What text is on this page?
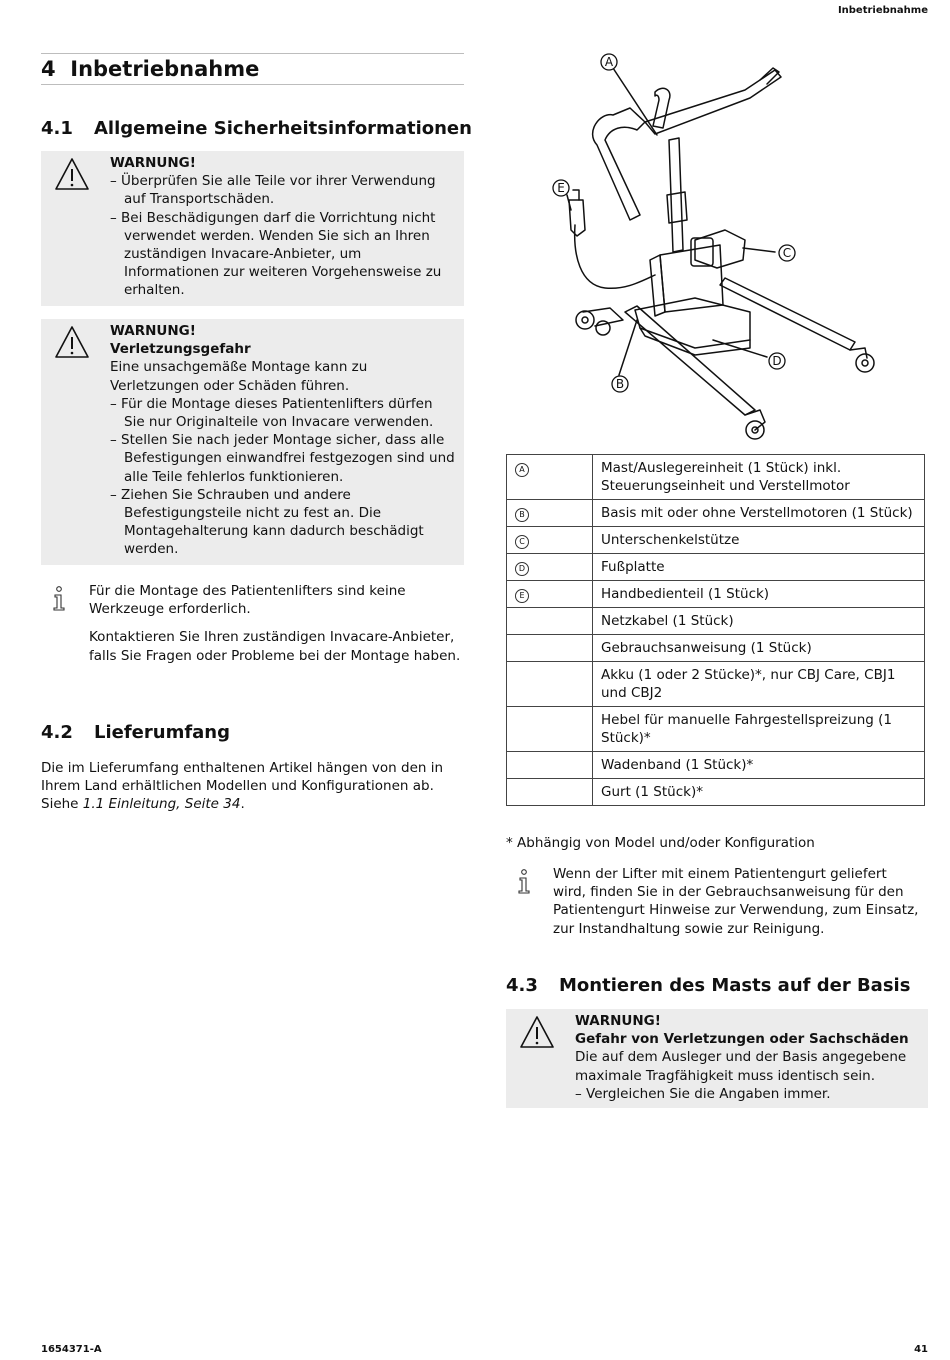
Inbetriebnahme
4 Inbetriebnahme
4.1 Allgemeine Sicherheitsinformationen
WARNUNG!
– Überprüfen Sie alle Teile vor ihrer Verwendung auf Transportschäden.
– Bei Beschädigungen darf die Vorrichtung nicht verwendet werden. Wenden Sie sich an Ihren zuständigen Invacare-Anbieter, um Informationen zur weiteren Vorgehensweise zu erhalten.
WARNUNG!
Verletzungsgefahr
Eine unsachgemäße Montage kann zu Verletzungen oder Schäden führen.
– Für die Montage dieses Patientenlifters dürfen Sie nur Originalteile von Invacare verwenden.
– Stellen Sie nach jeder Montage sicher, dass alle Befestigungen einwandfrei festgezogen sind und alle Teile fehlerlos funktionieren.
– Ziehen Sie Schrauben und andere Befestigungsteile nicht zu fest an. Die Montagehalterung kann dadurch beschädigt werden.

Für die Montage des Patientenlifters sind keine Werkzeuge erforderlich.

Kontaktieren Sie Ihren zuständigen Invacare-Anbieter, falls Sie Fragen oder Probleme bei der Montage haben.

4.2 Lieferumfang
Die im Lieferumfang enthaltenen Artikel hängen von den in Ihrem Land erhältlichen Modellen und Konfigurationen ab. Siehe 1.1 Einleitung, Seite 34.
A
E
C
D
B
A	Mast/Auslegereinheit (1 Stück) inkl. Steuerungseinheit und Verstellmotor
B	Basis mit oder ohne Verstellmotoren (1 Stück)
C	Unterschenkelstütze
D	Fußplatte
E	Handbedienteil (1 Stück)
	Netzkabel (1 Stück)
	Gebrauchsanweisung (1 Stück)
	Akku (1 oder 2 Stücke)*, nur CBJ Care, CBJ1 und CBJ2
	Hebel für manuelle Fahrgestellspreizung (1 Stück)*
	Wadenband (1 Stück)*
	Gurt (1 Stück)*
* Abhängig von Model und/oder Konfiguration
Wenn der Lifter mit einem Patientengurt geliefert wird, finden Sie in der Gebrauchsanweisung für den Patientengurt Hinweise zur Verwendung, zum Einsatz, zur Instandhaltung sowie zur Reinigung.
4.3 Montieren des Masts auf der Basis
WARNUNG!
Gefahr von Verletzungen oder Sachschäden
Die auf dem Ausleger und der Basis angegebene maximale Tragfähigkeit muss identisch sein.
– Vergleichen Sie die Angaben immer.
1654371-A	41
